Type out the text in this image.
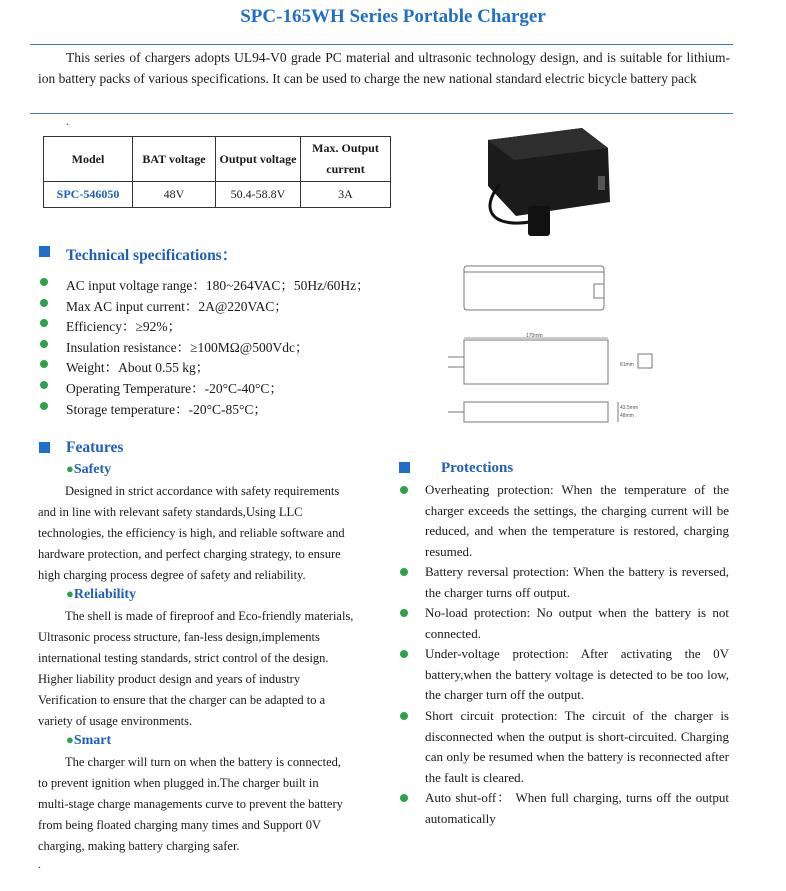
SPC-165WH Series Portable Charger
This series of chargers adopts UL94-V0 grade PC material and ultrasonic technology design, and is suitable for lithium-ion battery packs of various specifications. It can be used to charge the new national standard electric bicycle battery pack
.
Model	BAT voltage	Output voltage	Max. Output current
SPC-546050	48V	50.4-58.8V	3A
170mm
81mm
43.5mm
48mm
Technical specifications：
AC input voltage range：180~264VAC；50Hz/60Hz；
Max AC input current：2A@220VAC；
Efficiency：≥92%；
Insulation resistance：≥100MΩ@500Vdc；
Weight：About 0.55 kg；
Operating Temperature：-20°C-40°C；
Storage temperature：-20°C-85°C；
Features
●Safety
Designed in strict accordance with safety requirements
and in line with relevant safety standards,Using LLC
technologies, the efficiency is high, and reliable software and
hardware protection, and perfect charging strategy, to ensure
high charging process degree of safety and reliability.
●Reliability
The shell is made of fireproof and Eco-friendly materials,
Ultrasonic process structure, fan-less design,implements
international testing standards, strict control of the design.
Higher liability product design and years of industry
Verification to ensure that the charger can be adapted to a
variety of usage environments.
●Smart
The charger will turn on when the battery is connected,
to prevent ignition when plugged in.The charger built in
multi-stage charge managements curve to prevent the battery
from being floated charging many times and Support 0V
charging, making battery charging safer.
.
Protections
Overheating protection: When the temperature of the charger exceeds the settings, the charging current will be reduced, and when the temperature is restored, charging resumed.
Battery reversal protection: When the battery is reversed, the charger turns off output.
No-load protection: No output when the battery is not connected.
Under-voltage protection: After activating the 0V battery,when the battery voltage is detected to be too low, the charger turn off the output.
Short circuit protection: The circuit of the charger is disconnected when the output is short-circuited. Charging can only be resumed when the battery is reconnected after the fault is cleared.
Auto shut-off： When full charging, turns off the output automatically
